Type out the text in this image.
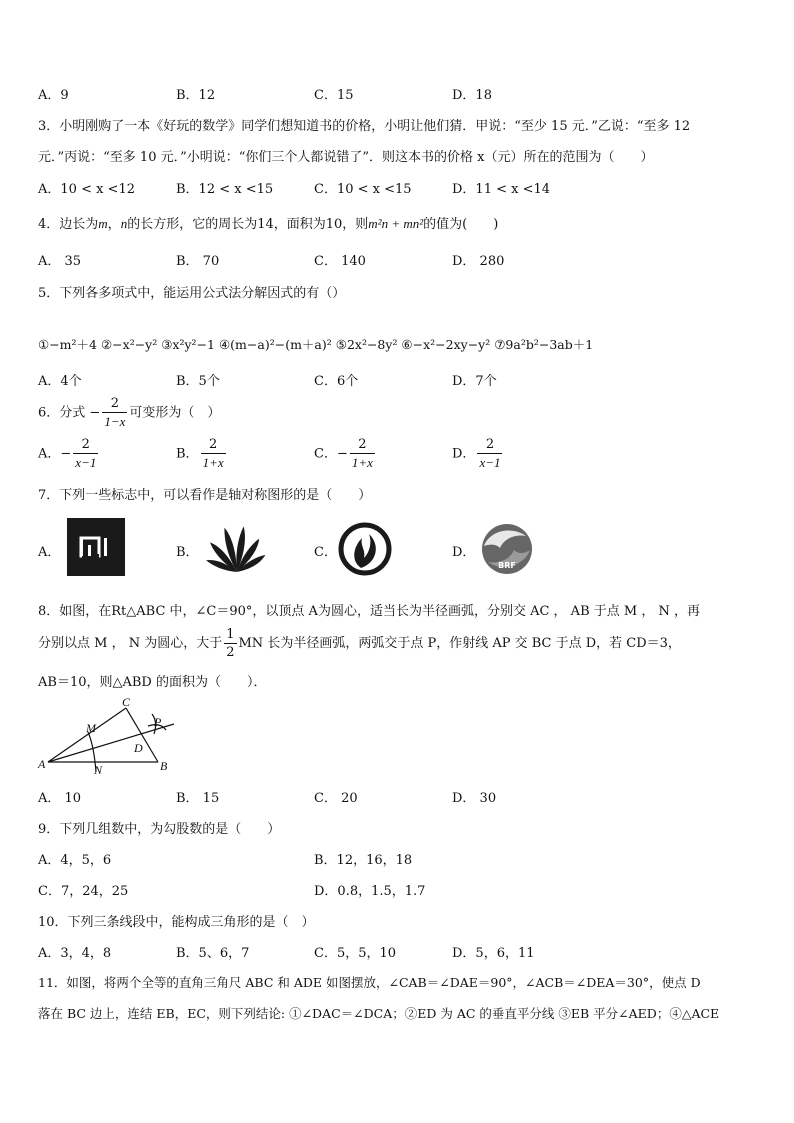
A．9	B．12	C．15	D．18
3．小明刚购了一本《好玩的数学》同学们想知道书的价格，小明让他们猜．甲说：“至少 15 元．”乙说：“至多 12
元．”丙说：“至多 10 元．”小明说：“你们三个人都说错了”．则这本书的价格 x（元）所在的范围为（　　）
A．10 < x <12	B．12 < x <15	C．10 < x <15	D．11 < x <14
4．边长为m，n的长方形，它的周长为14，面积为10，则m²n + mn²的值为(　　)
A． 35	B． 70	C． 140	D． 280
5．下列各多项式中，能运用公式法分解因式的有（）
①−m²＋4 ②−x²−y² ③x²y²−1 ④(m−a)²−(m＋a)² ⑤2x²−8y² ⑥−x²−2xy−y² ⑦9a²b²−3ab＋1
A．4个	B．5个	C．6个	D．7个
6．分式 − $\frac{2}{1-x}$ 可变形为（　）
A．− $\frac{2}{x-1}$	B． $\frac{2}{1+x}$	C．− $\frac{2}{1+x}$	D． $\frac{2}{x-1}$
7．下列一些标志中，可以看作是轴对称图形的是（　　）
A．	B．	C．	D．
BRF
8．如图，在Rt△ABC 中，∠C＝90°，以顶点 A为圆心，适当长为半径画弧，分别交 AC ， AB 于点 M ， N ，再
分别以点 M ， N 为圆心，大于 $\frac{1}{2}$ MN 长为半径画弧，两弧交于点 P，作射线 AP 交 BC 于点 D，若 CD＝3，
AB＝10，则△ABD 的面积为（　　）．
C
M
D
P
A	N	B
A． 10	B． 15	C． 20	D． 30
9．下列几组数中，为勾股数的是（　　）
A．4，5，6	B．12，16，18
C．7，24，25	D．0.8，1.5，1.7
10．下列三条线段中，能构成三角形的是（　）
A．3，4，8	B．5、6，7	C．5，5，10	D．5，6，11
11．如图，将两个全等的直角三角尺 ABC 和 ADE 如图摆放，∠CAB＝∠DAE＝90°，∠ACB＝∠DEA＝30°，使点 D
落在 BC 边上，连结 EB，EC，则下列结论: ①∠DAC＝∠DCA；②ED 为 AC 的垂直平分线 ③EB 平分∠AED；④△ACE
